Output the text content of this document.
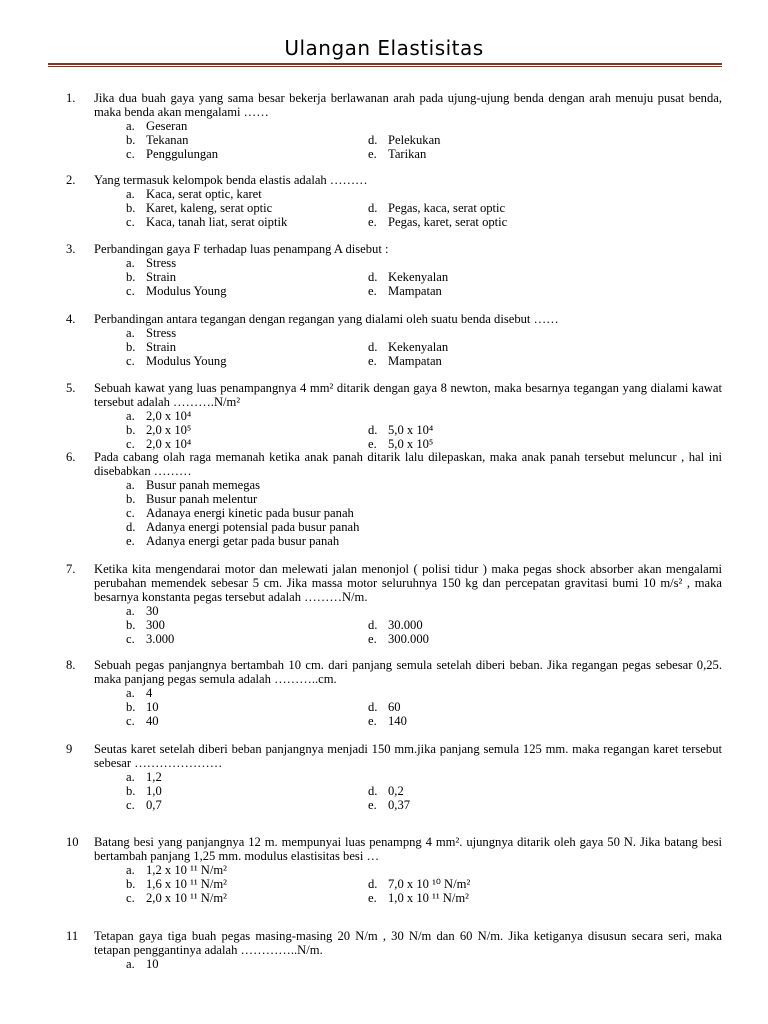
Ulangan Elastisitas
1.	Jika dua buah gaya yang sama besar bekerja berlawanan arah pada ujung-ujung benda dengan arah menuju pusat benda, maka benda akan mengalami ……
a. Geseran
b. Tekanan	d. Pelekukan
c. Penggulungan	e. Tarikan
2.	Yang termasuk kelompok benda elastis adalah ………
a. Kaca, serat optic, karet
b. Karet, kaleng, serat optic	d. Pegas, kaca, serat optic
c. Kaca, tanah liat, serat oiptik	e. Pegas, karet, serat optic
3.	Perbandingan gaya F terhadap luas penampang A disebut :
a. Stress
b. Strain	d. Kekenyalan
c. Modulus Young	e. Mampatan
4.	Perbandingan antara tegangan dengan regangan yang dialami oleh suatu benda disebut ……
a. Stress
b. Strain	d. Kekenyalan
c. Modulus Young	e. Mampatan
5.	Sebuah kawat yang luas penampangnya 4 mm² ditarik dengan gaya 8 newton, maka besarnya tegangan yang dialami kawat tersebut adalah ……….N/m²
a. 2,0 x 10⁴
b. 2,0 x 10⁵	d. 5,0 x 10⁴
c. 2,0 x 10⁴	e. 5,0 x 10⁵
6.	Pada cabang olah raga memanah ketika anak panah ditarik lalu dilepaskan, maka anak panah tersebut meluncur , hal ini disebabkan ………
a. Busur panah memegas
b. Busur panah melentur
c. Adanaya energi kinetic pada busur panah
d. Adanya energi potensial pada busur panah
e. Adanya energi getar pada busur panah
7.	Ketika kita mengendarai motor dan melewati jalan menonjol ( polisi tidur ) maka pegas shock absorber akan mengalami perubahan memendek sebesar 5 cm. Jika massa motor seluruhnya 150 kg dan percepatan gravitasi bumi 10 m/s² , maka besarnya konstanta pegas tersebut adalah ………N/m.
a. 30
b. 300	d. 30.000
c. 3.000	e. 300.000
8.	Sebuah pegas panjangnya bertambah 10 cm. dari panjang semula setelah diberi beban. Jika regangan pegas sebesar 0,25. maka panjang pegas semula adalah ………..cm.
a. 4
b. 10	d. 60
c. 40	e. 140
9	Seutas karet setelah diberi beban panjangnya menjadi 150 mm.jika panjang semula 125 mm. maka regangan karet tersebut sebesar …………………
a. 1,2
b. 1,0	d. 0,2
c. 0,7	e. 0,37
10	Batang besi yang panjangnya 12 m. mempunyai luas penampng 4 mm². ujungnya ditarik oleh gaya 50 N. Jika batang besi bertambah panjang 1,25 mm. modulus elastisitas besi …
a. 1,2 x 10 ¹¹ N/m²
b. 1,6 x 10 ¹¹ N/m²	d. 7,0 x 10 ¹⁰ N/m²
c. 2,0 x 10 ¹¹ N/m²	e. 1,0 x 10 ¹¹ N/m²
11	Tetapan gaya tiga buah pegas masing-masing 20 N/m , 30 N/m dan 60 N/m. Jika ketiganya disusun secara seri, maka tetapan penggantinya adalah …………..N/m.
a. 10
